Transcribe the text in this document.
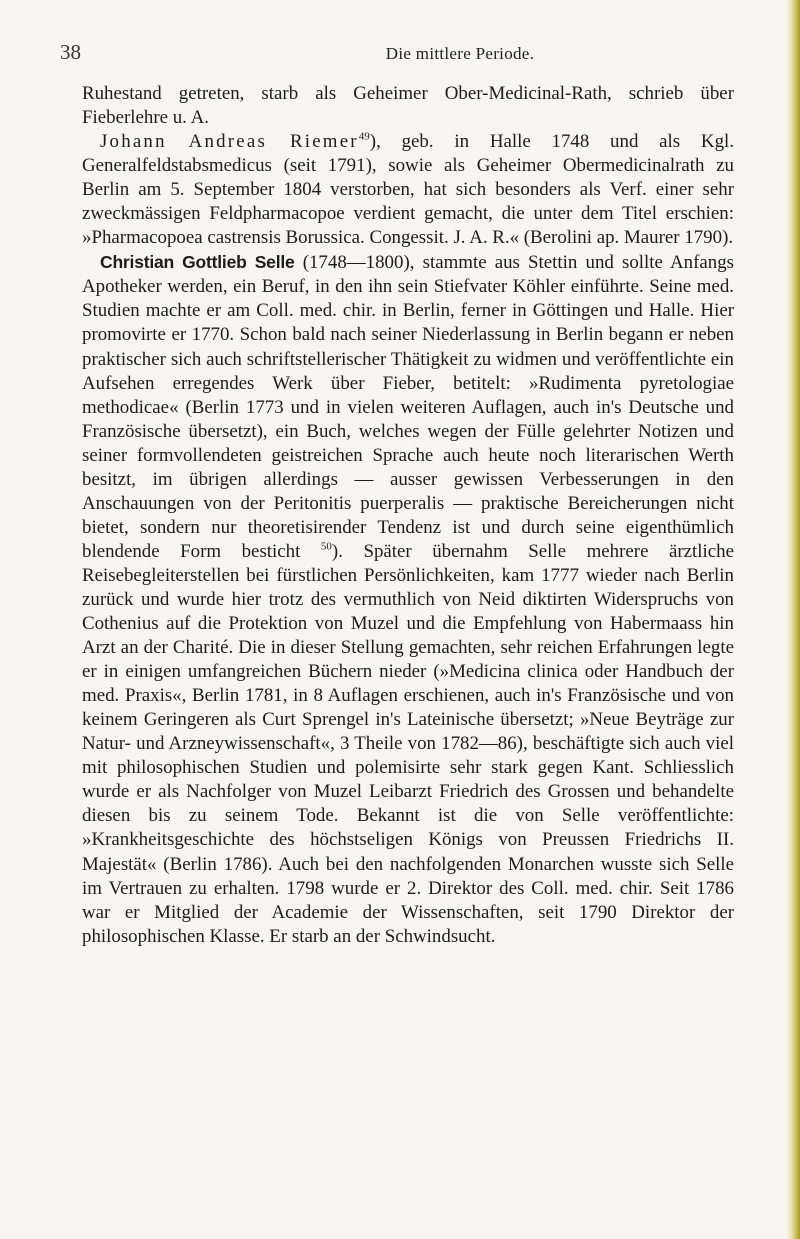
38	Die mittlere Periode.

Ruhestand getreten, starb als Geheimer Ober-Medicinal-Rath, schrieb über Fieberlehre u. A.

Johann Andreas Riemer$^{49}$), geb. in Halle 1748 und als Kgl. Generalfeldstabsmedicus (seit 1791), sowie als Geheimer Obermedicinalrath zu Berlin am 5. September 1804 verstorben, hat sich besonders als Verf. einer sehr zweckmässigen Feldpharmacopoe verdient gemacht, die unter dem Titel erschien: »Pharmacopoea castrensis Borussica. Congessit. J. A. R.« (Berolini ap. Maurer 1790).

Christian Gottlieb Selle (1748—1800), stammte aus Stettin und sollte Anfangs Apotheker werden, ein Beruf, in den ihn sein Stiefvater Köhler einführte. Seine med. Studien machte er am Coll. med. chir. in Berlin, ferner in Göttingen und Halle. Hier promovirte er 1770. Schon bald nach seiner Niederlassung in Berlin begann er neben praktischer sich auch schriftstellerischer Thätigkeit zu widmen und veröffentlichte ein Aufsehen erregendes Werk über Fieber, betitelt: »Rudimenta pyretologiae methodicae« (Berlin 1773 und in vielen weiteren Auflagen, auch in's Deutsche und Französische übersetzt), ein Buch, welches wegen der Fülle gelehrter Notizen und seiner formvollendeten geistreichen Sprache auch heute noch literarischen Werth besitzt, im übrigen allerdings — ausser gewissen Verbesserungen in den Anschauungen von der Peritonitis puerperalis — praktische Bereicherungen nicht bietet, sondern nur theoretisirender Tendenz ist und durch seine eigenthümlich blendende Form besticht $^{50}$). Später übernahm Selle mehrere ärztliche Reisebegleiterstellen bei fürstlichen Persönlichkeiten, kam 1777 wieder nach Berlin zurück und wurde hier trotz des vermuthlich von Neid diktirten Widerspruchs von Cothenius auf die Protektion von Muzel und die Empfehlung von Habermaass hin Arzt an der Charité. Die in dieser Stellung gemachten, sehr reichen Erfahrungen legte er in einigen umfangreichen Büchern nieder (»Medicina clinica oder Handbuch der med. Praxis«, Berlin 1781, in 8 Auflagen erschienen, auch in's Französische und von keinem Geringeren als Curt Sprengel in's Lateinische übersetzt; »Neue Beyträge zur Natur- und Arzneywissenschaft«, 3 Theile von 1782—86), beschäftigte sich auch viel mit philosophischen Studien und polemisirte sehr stark gegen Kant. Schliesslich wurde er als Nachfolger von Muzel Leibarzt Friedrich des Grossen und behandelte diesen bis zu seinem Tode. Bekannt ist die von Selle veröffentlichte: »Krankheitsgeschichte des höchstseligen Königs von Preussen Friedrichs II. Majestät« (Berlin 1786). Auch bei den nachfolgenden Monarchen wusste sich Selle im Vertrauen zu erhalten. 1798 wurde er 2. Direktor des Coll. med. chir. Seit 1786 war er Mitglied der Academie der Wissenschaften, seit 1790 Direktor der philosophischen Klasse. Er starb an der Schwindsucht.
